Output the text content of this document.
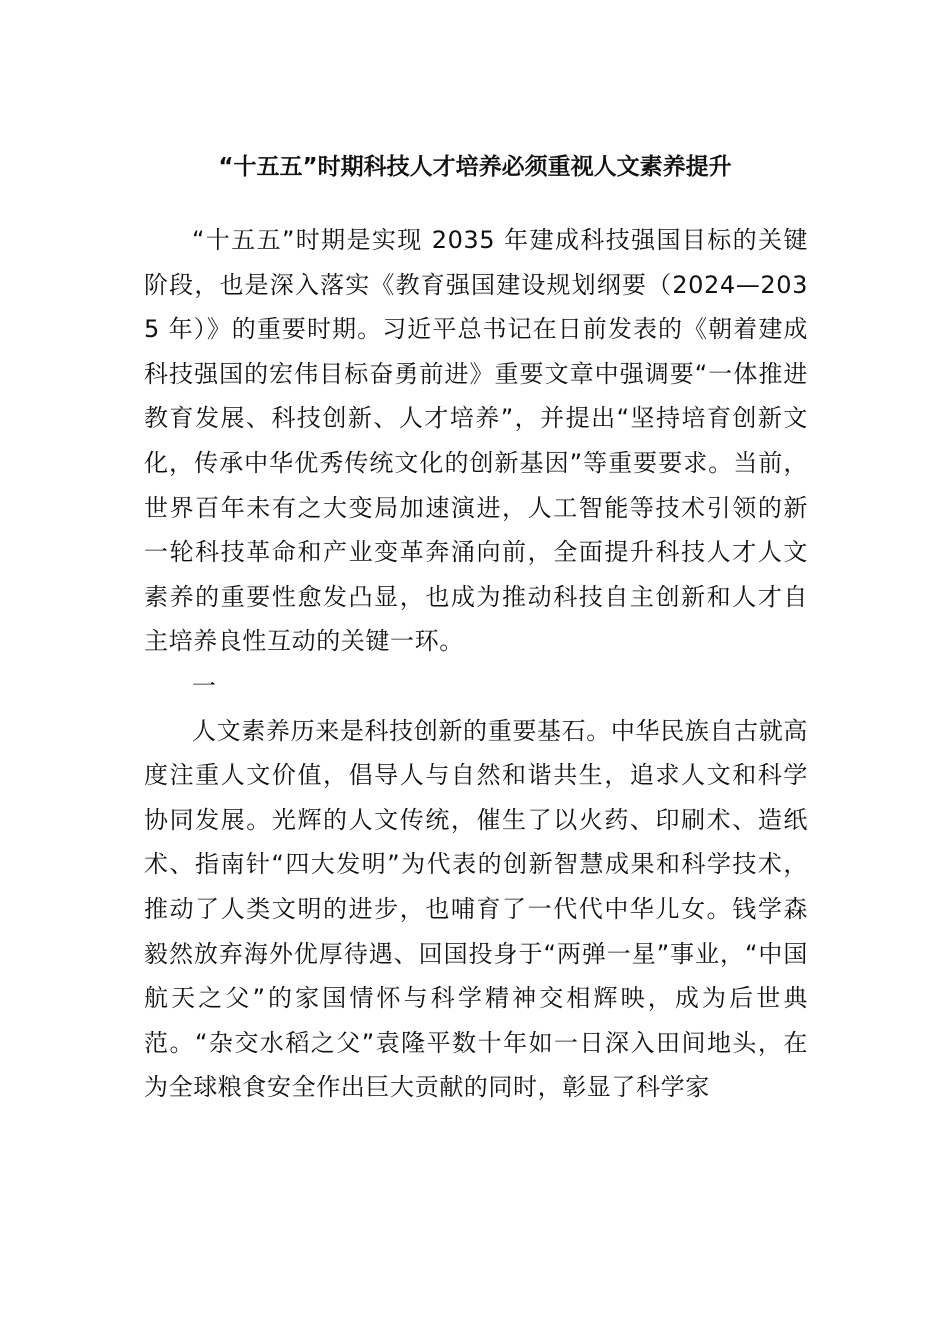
“十五五”时期科技人才培养必须重视人文素养提升

“十五五”时期是实现 2035 年建成科技强国目标的关键阶段，也是深入落实《教育强国建设规划纲要（2024—2035 年）》的重要时期。习近平总书记在日前发表的《朝着建成科技强国的宏伟目标奋勇前进》重要文章中强调要“一体推进教育发展、科技创新、人才培养”，并提出“坚持培育创新文化，传承中华优秀传统文化的创新基因”等重要要求。当前，世界百年未有之大变局加速演进，人工智能等技术引领的新一轮科技革命和产业变革奔涌向前，全面提升科技人才人文素养的重要性愈发凸显，也成为推动科技自主创新和人才自主培养良性互动的关键一环。

一

人文素养历来是科技创新的重要基石。中华民族自古就高度注重人文价值，倡导人与自然和谐共生，追求人文和科学协同发展。光辉的人文传统，催生了以火药、印刷术、造纸术、指南针“四大发明”为代表的创新智慧成果和科学技术，推动了人类文明的进步，也哺育了一代代中华儿女。钱学森毅然放弃海外优厚待遇、回国投身于“两弹一星”事业，“中国航天之父”的家国情怀与科学精神交相辉映，成为后世典范。“杂交水稻之父”袁隆平数十年如一日深入田间地头，在为全球粮食安全作出巨大贡献的同时，彰显了科学家
